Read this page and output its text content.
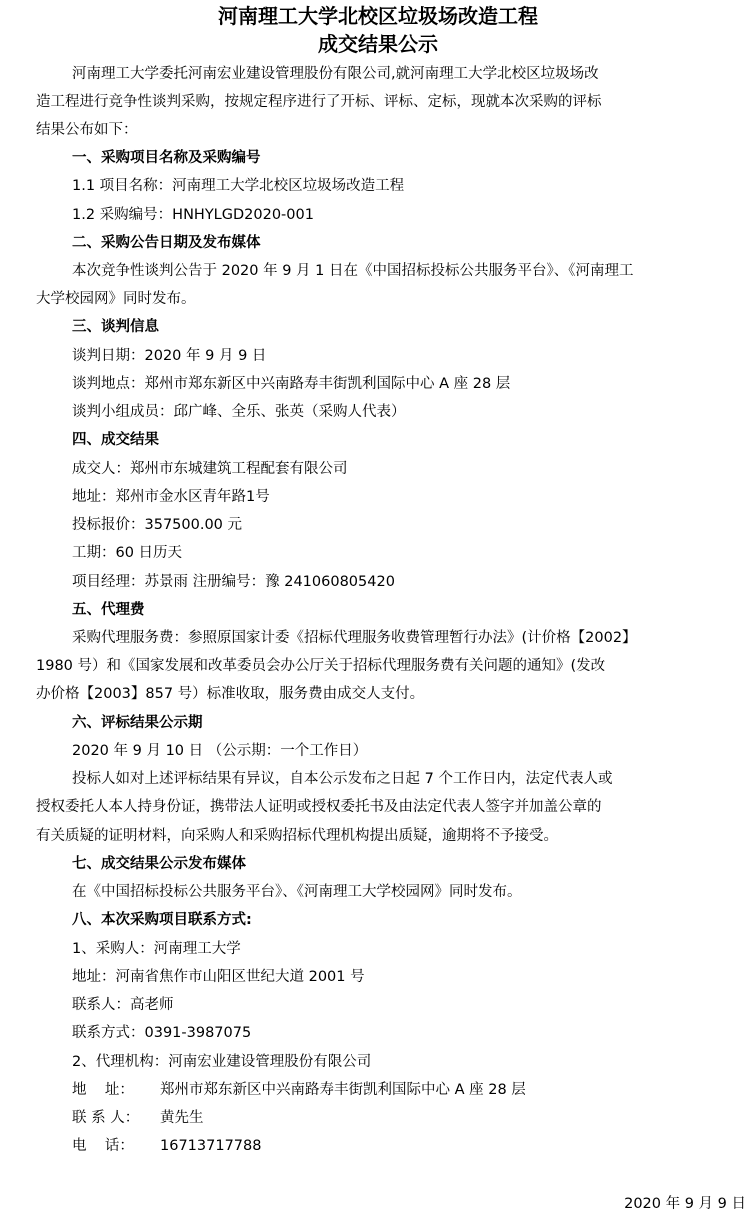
河南理工大学北校区垃圾场改造工程
成交结果公示
河南理工大学委托河南宏业建设管理股份有限公司,就河南理工大学北校区垃圾场改
造工程进行竞争性谈判采购，按规定程序进行了开标、评标、定标，现就本次采购的评标
结果公布如下：
一、采购项目名称及采购编号
1.1 项目名称：河南理工大学北校区垃圾场改造工程
1.2 采购编号：HNHYLGD2020-001
二、采购公告日期及发布媒体
本次竞争性谈判公告于 2020 年 9 月 1 日在《中国招标投标公共服务平台》、《河南理工
大学校园网》同时发布。
三、谈判信息
谈判日期：2020 年 9 月 9 日
谈判地点：郑州市郑东新区中兴南路寿丰街凯利国际中心 A 座 28 层
谈判小组成员：邱广峰、全乐、张英（采购人代表）
四、成交结果
成交人：郑州市东城建筑工程配套有限公司
地址：郑州市金水区青年路1号
投标报价：357500.00 元
工期：60 日历天
项目经理：苏景雨 注册编号：豫 241060805420
五、代理费
采购代理服务费：参照原国家计委《招标代理服务收费管理暂行办法》(计价格【2002】
1980 号）和《国家发展和改革委员会办公厅关于招标代理服务费有关问题的通知》(发改
办价格【2003】857 号）标准收取，服务费由成交人支付。
六、评标结果公示期
2020 年 9 月 10 日 （公示期：一个工作日）
投标人如对上述评标结果有异议，自本公示发布之日起 7 个工作日内，法定代表人或
授权委托人本人持身份证，携带法人证明或授权委托书及由法定代表人签字并加盖公章的
有关质疑的证明材料，向采购人和采购招标代理机构提出质疑，逾期将不予接受。
七、成交结果公示发布媒体
在《中国招标投标公共服务平台》、《河南理工大学校园网》同时发布。
八、本次采购项目联系方式:
1、采购人：河南理工大学
地址：河南省焦作市山阳区世纪大道 2001 号
联系人：高老师
联系方式：0391-3987075
2、代理机构：河南宏业建设管理股份有限公司
地    址： 郑州市郑东新区中兴南路寿丰街凯利国际中心 A 座 28 层
联 系 人： 黄先生
电    话： 16713717788
2020 年 9 月 9 日
